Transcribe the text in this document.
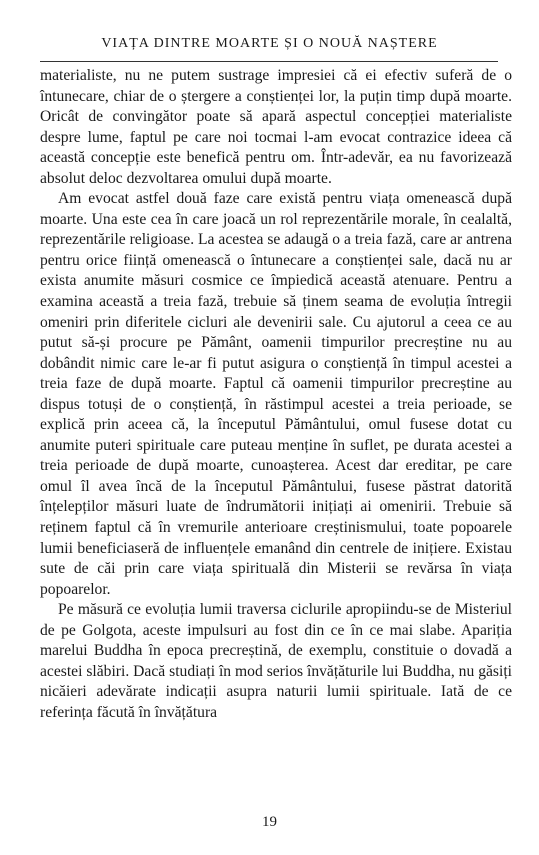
VIAȚA DINTRE MOARTE ȘI O NOUĂ NAȘTERE

materialiste, nu ne putem sustrage impresiei că ei efectiv suferă de o întunecare, chiar de o ștergere a conștienței lor, la puțin timp după moarte. Oricât de convingător poate să apară aspectul concepției materialiste despre lume, faptul pe care noi tocmai l-am evocat contrazice ideea că această concepție este benefică pentru om. Într-adevăr, ea nu favorizează absolut deloc dezvoltarea omului după moarte.

Am evocat astfel două faze care există pentru viața omenească după moarte. Una este cea în care joacă un rol reprezentările morale, în cealaltă, reprezentările religioase. La acestea se adaugă o a treia fază, care ar antrena pentru orice ființă omenească o întunecare a conștienței sale, dacă nu ar exista anumite măsuri cosmice ce împiedică această atenuare. Pentru a examina această a treia fază, trebuie să ținem seama de evoluția întregii omeniri prin diferitele cicluri ale devenirii sale. Cu ajutorul a ceea ce au putut să-și procure pe Pământ, oamenii timpurilor precreștine nu au dobândit nimic care le-ar fi putut asigura o conștiență în timpul acestei a treia faze de după moarte. Faptul că oamenii timpurilor precreștine au dispus totuși de o conștiență, în răstimpul acestei a treia perioade, se explică prin aceea că, la începutul Pământului, omul fusese dotat cu anumite puteri spirituale care puteau menține în suflet, pe durata acestei a treia perioade de după moarte, cunoașterea. Acest dar ereditar, pe care omul îl avea încă de la începutul Pământului, fusese păstrat datorită înțelepților măsuri luate de îndrumătorii inițiați ai omenirii. Trebuie să reținem faptul că în vremurile anterioare creștinismului, toate popoarele lumii beneficiaseră de influențele emanând din centrele de inițiere. Existau sute de căi prin care viața spirituală din Misterii se revărsa în viața popoarelor.

Pe măsură ce evoluția lumii traversa ciclurile apropiindu-se de Misteriul de pe Golgota, aceste impulsuri au fost din ce în ce mai slabe. Apariția marelui Buddha în epoca precreștină, de exemplu, constituie o dovadă a acestei slăbiri. Dacă studiați în mod serios învățăturile lui Buddha, nu găsiți nicăieri adevărate indicații asupra naturii lumii spirituale. Iată de ce referința făcută în învățătura

19
